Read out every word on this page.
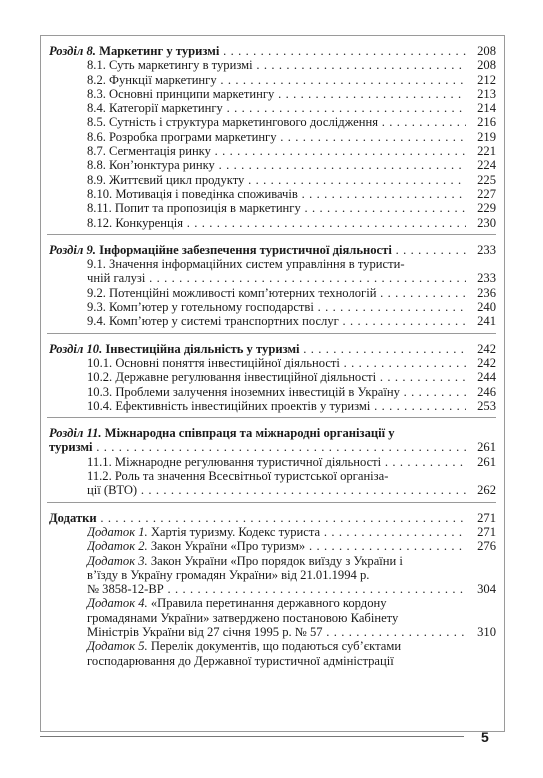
Розділ 8. Маркетинг у туризмі . . .	208
8.1. Суть маркетингу в туризмі . . .	208
8.2. Функції маркетингу . . .	212
8.3. Основні принципи маркетингу . . .	213
8.4. Категорії маркетингу . . .	214
8.5. Сутність і структура маркетингового дослідження . . .	216
8.6. Розробка програми маркетингу . . .	219
8.7. Сегментація ринку . . .	221
8.8. Кон’юнктура ринку . . .	224
8.9. Життєвий цикл продукту . . .	225
8.10. Мотивація і поведінка споживачів . . .	227
8.11. Попит та пропозиція в маркетингу . . .	229
8.12. Конкуренція . . .	230
Розділ 9. Інформаційне забезпечення туристичної діяльності . . .	233
9.1. Значення інформаційних систем управління в туристи-
чній галузі . . .	233
9.2. Потенційні можливості комп’ютерних технологій . . .	236
9.3. Комп’ютер у готельному господарстві . . .	240
9.4. Комп’ютер у системі транспортних послуг . . .	241
Розділ 10. Інвестиційна діяльність у туризмі . . .	242
10.1. Основні поняття інвестиційної діяльності . . .	242
10.2. Державне регулювання інвестиційної діяльності . . .	244
10.3. Проблеми залучення іноземних інвестицій в Україну . . .	246
10.4. Ефективність інвестиційних проектів у туризмі . . .	253
Розділ 11. Міжнародна співпраця та міжнародні організації у
туризмі . . .	261
11.1. Міжнародне регулювання туристичної діяльності . . .	261
11.2. Роль та значення Всесвітньої туристської організа-
ції (ВТО) . . .	262
Додатки . . .	271
Додаток 1. Хартія туризму. Кодекс туриста . . .	271
Додаток 2. Закон України «Про туризм» . . .	276
Додаток 3. Закон України «Про порядок виїзду з України і
в’їзду в Україну громадян України» від 21.01.1994 р.
№ 3858-12-ВР . . .	304
Додаток 4. «Правила перетинання державного кордону
громадянами України» затверджено постановою Кабінету
Міністрів України від 27 січня 1995 р. № 57 . . .	310
Додаток 5. Перелік документів, що подаються суб’єктами
господарювання до Державної туристичної адміністрації
5
